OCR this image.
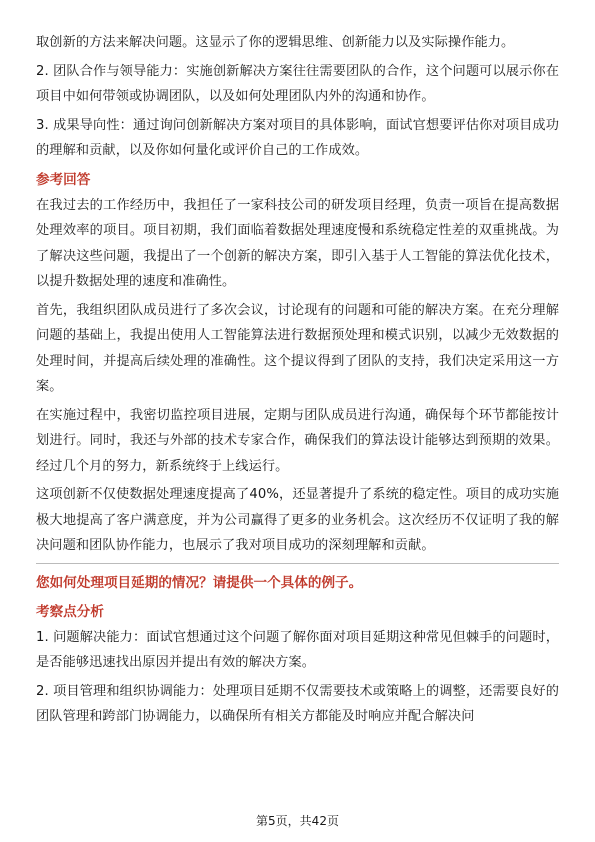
取创新的方法来解决问题。这显示了你的逻辑思维、创新能力以及实际操作能力。

2. 团队合作与领导能力：实施创新解决方案往往需要团队的合作，这个问题可以展示你在项目中如何带领或协调团队，以及如何处理团队内外的沟通和协作。

3. 成果导向性：通过询问创新解决方案对项目的具体影响，面试官想要评估你对项目成功的理解和贡献，以及你如何量化或评价自己的工作成效。

参考回答

在我过去的工作经历中，我担任了一家科技公司的研发项目经理，负责一项旨在提高数据处理效率的项目。项目初期，我们面临着数据处理速度慢和系统稳定性差的双重挑战。为了解决这些问题，我提出了一个创新的解决方案，即引入基于人工智能的算法优化技术，以提升数据处理的速度和准确性。

首先，我组织团队成员进行了多次会议，讨论现有的问题和可能的解决方案。在充分理解问题的基础上，我提出使用人工智能算法进行数据预处理和模式识别，以减少无效数据的处理时间，并提高后续处理的准确性。这个提议得到了团队的支持，我们决定采用这一方案。

在实施过程中，我密切监控项目进展，定期与团队成员进行沟通，确保每个环节都能按计划进行。同时，我还与外部的技术专家合作，确保我们的算法设计能够达到预期的效果。经过几个月的努力，新系统终于上线运行。

这项创新不仅使数据处理速度提高了40%，还显著提升了系统的稳定性。项目的成功实施极大地提高了客户满意度，并为公司赢得了更多的业务机会。这次经历不仅证明了我的解决问题和团队协作能力，也展示了我对项目成功的深刻理解和贡献。

您如何处理项目延期的情况？请提供一个具体的例子。
考察点分析

1. 问题解决能力：面试官想通过这个问题了解你面对项目延期这种常见但棘手的问题时，是否能够迅速找出原因并提出有效的解决方案。

2. 项目管理和组织协调能力：处理项目延期不仅需要技术或策略上的调整，还需要良好的团队管理和跨部门协调能力，以确保所有相关方都能及时响应并配合解决问

第5页，共42页
